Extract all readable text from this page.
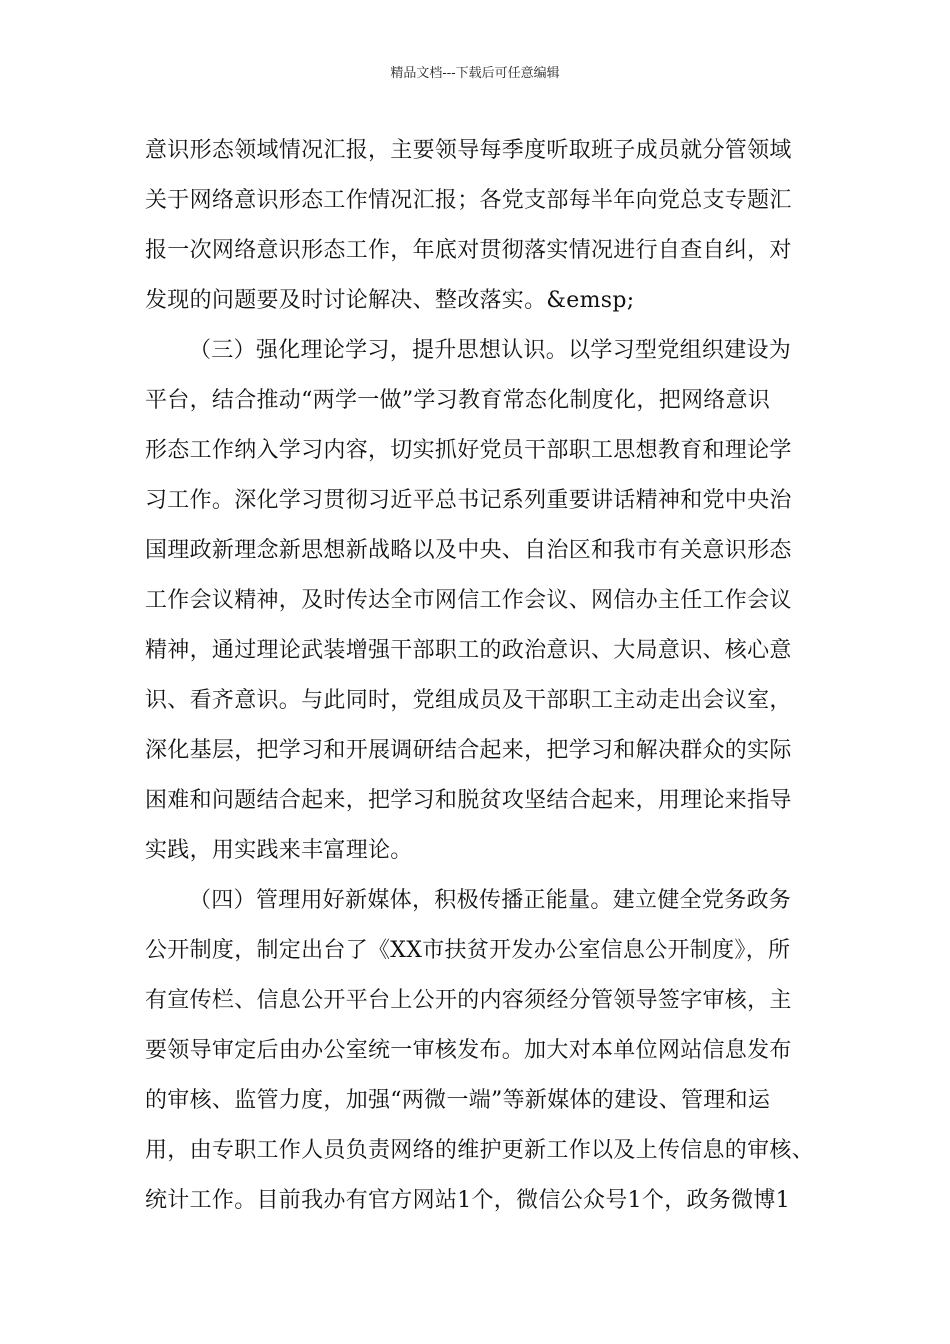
精品文档---下载后可任意编辑
意识形态领域情况汇报，主要领导每季度听取班子成员就分管领域
关于网络意识形态工作情况汇报；各党支部每半年向党总支专题汇
报一次网络意识形态工作，年底对贯彻落实情况进行自查自纠，对
发现的问题要及时讨论解决、整改落实。&emsp;
（三）强化理论学习，提升思想认识。以学习型党组织建设为
平台，结合推动“两学一做”学习教育常态化制度化，把网络意识
形态工作纳入学习内容，切实抓好党员干部职工思想教育和理论学
习工作。深化学习贯彻习近平总书记系列重要讲话精神和党中央治
国理政新理念新思想新战略以及中央、自治区和我市有关意识形态
工作会议精神，及时传达全市网信工作会议、网信办主任工作会议
精神，通过理论武装增强干部职工的政治意识、大局意识、核心意
识、看齐意识。与此同时，党组成员及干部职工主动走出会议室，
深化基层，把学习和开展调研结合起来，把学习和解决群众的实际
困难和问题结合起来，把学习和脱贫攻坚结合起来，用理论来指导
实践，用实践来丰富理论。
（四）管理用好新媒体，积极传播正能量。建立健全党务政务
公开制度，制定出台了《XX市扶贫开发办公室信息公开制度》，所
有宣传栏、信息公开平台上公开的内容须经分管领导签字审核，主
要领导审定后由办公室统一审核发布。加大对本单位网站信息发布
的审核、监管力度，加强“两微一端”等新媒体的建设、管理和运
用，由专职工作人员负责网络的维护更新工作以及上传信息的审核、
统计工作。目前我办有官方网站1个，微信公众号1个，政务微博1
